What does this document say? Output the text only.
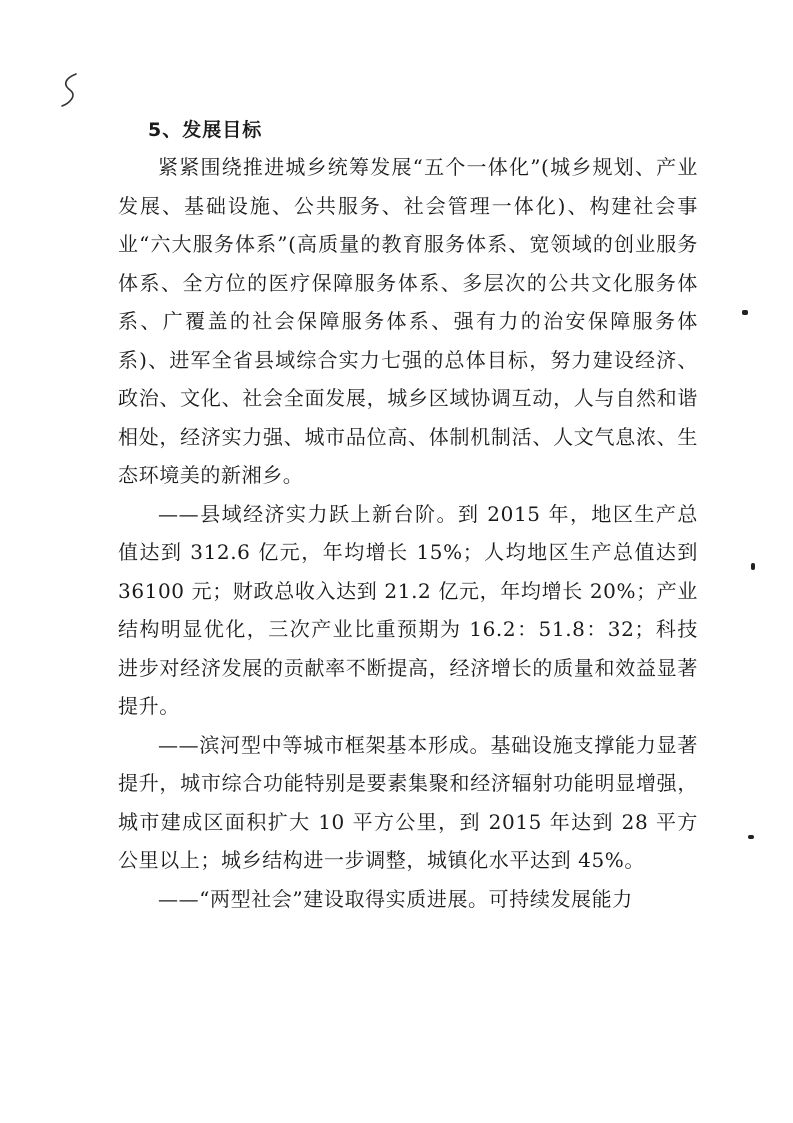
5、发展目标

紧紧围绕推进城乡统筹发展“五个一体化”(城乡规划、产业发展、基础设施、公共服务、社会管理一体化)、构建社会事业“六大服务体系”(高质量的教育服务体系、宽领域的创业服务体系、全方位的医疗保障服务体系、多层次的公共文化服务体系、广覆盖的社会保障服务体系、强有力的治安保障服务体系)、进军全省县域综合实力七强的总体目标，努力建设经济、政治、文化、社会全面发展，城乡区域协调互动，人与自然和谐相处，经济实力强、城市品位高、体制机制活、人文气息浓、生态环境美的新湘乡。

——县域经济实力跃上新台阶。到 2015 年，地区生产总值达到 312.6 亿元，年均增长 15%；人均地区生产总值达到 36100 元；财政总收入达到 21.2 亿元，年均增长 20%；产业结构明显优化，三次产业比重预期为 16.2：51.8：32；科技进步对经济发展的贡献率不断提高，经济增长的质量和效益显著提升。

——滨河型中等城市框架基本形成。基础设施支撑能力显著提升，城市综合功能特别是要素集聚和经济辐射功能明显增强，城市建成区面积扩大 10 平方公里，到 2015 年达到 28 平方公里以上；城乡结构进一步调整，城镇化水平达到 45%。

——“两型社会”建设取得实质进展。可持续发展能力
